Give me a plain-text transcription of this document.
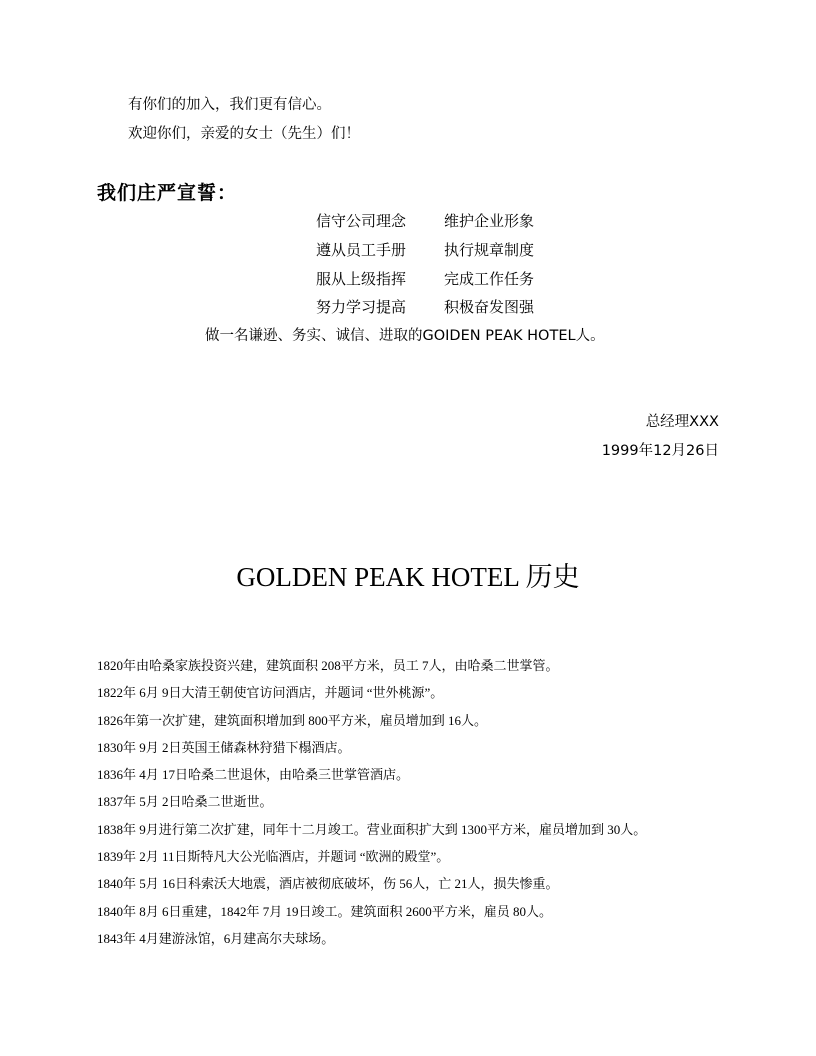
有你们的加入，我们更有信心。
欢迎你们，亲爱的女士（先生）们！
我们庄严宣誓：
信守公司理念	维护企业形象
遵从员工手册	执行规章制度
服从上级指挥	完成工作任务
努力学习提高	积极奋发图强
做一名谦逊、务实、诚信、进取的GOIDEN PEAK HOTEL人。
总经理XXX
1999年12月26日
GOLDEN PEAK HOTEL 历史
1820年由哈桑家族投资兴建，建筑面积 208平方米，员工 7人，由哈桑二世掌管。
1822年 6月 9日大清王朝使官访问酒店，并题词 “世外桃源”。
1826年第一次扩建，建筑面积增加到 800平方米，雇员增加到 16人。
1830年 9月 2日英国王储森林狩猎下榻酒店。
1836年 4月 17日哈桑二世退休，由哈桑三世掌管酒店。
1837年 5月 2日哈桑二世逝世。
1838年 9月进行第二次扩建，同年十二月竣工。营业面积扩大到 1300平方米，雇员增加到 30人。
1839年 2月 11日斯特凡大公光临酒店，并题词 “欧洲的殿堂”。
1840年 5月 16日科索沃大地震，酒店被彻底破坏，伤 56人，亡 21人，损失惨重。
1840年 8月 6日重建，1842年 7月 19日竣工。建筑面积 2600平方米，雇员 80人。
1843年 4月建游泳馆，6月建高尔夫球场。
